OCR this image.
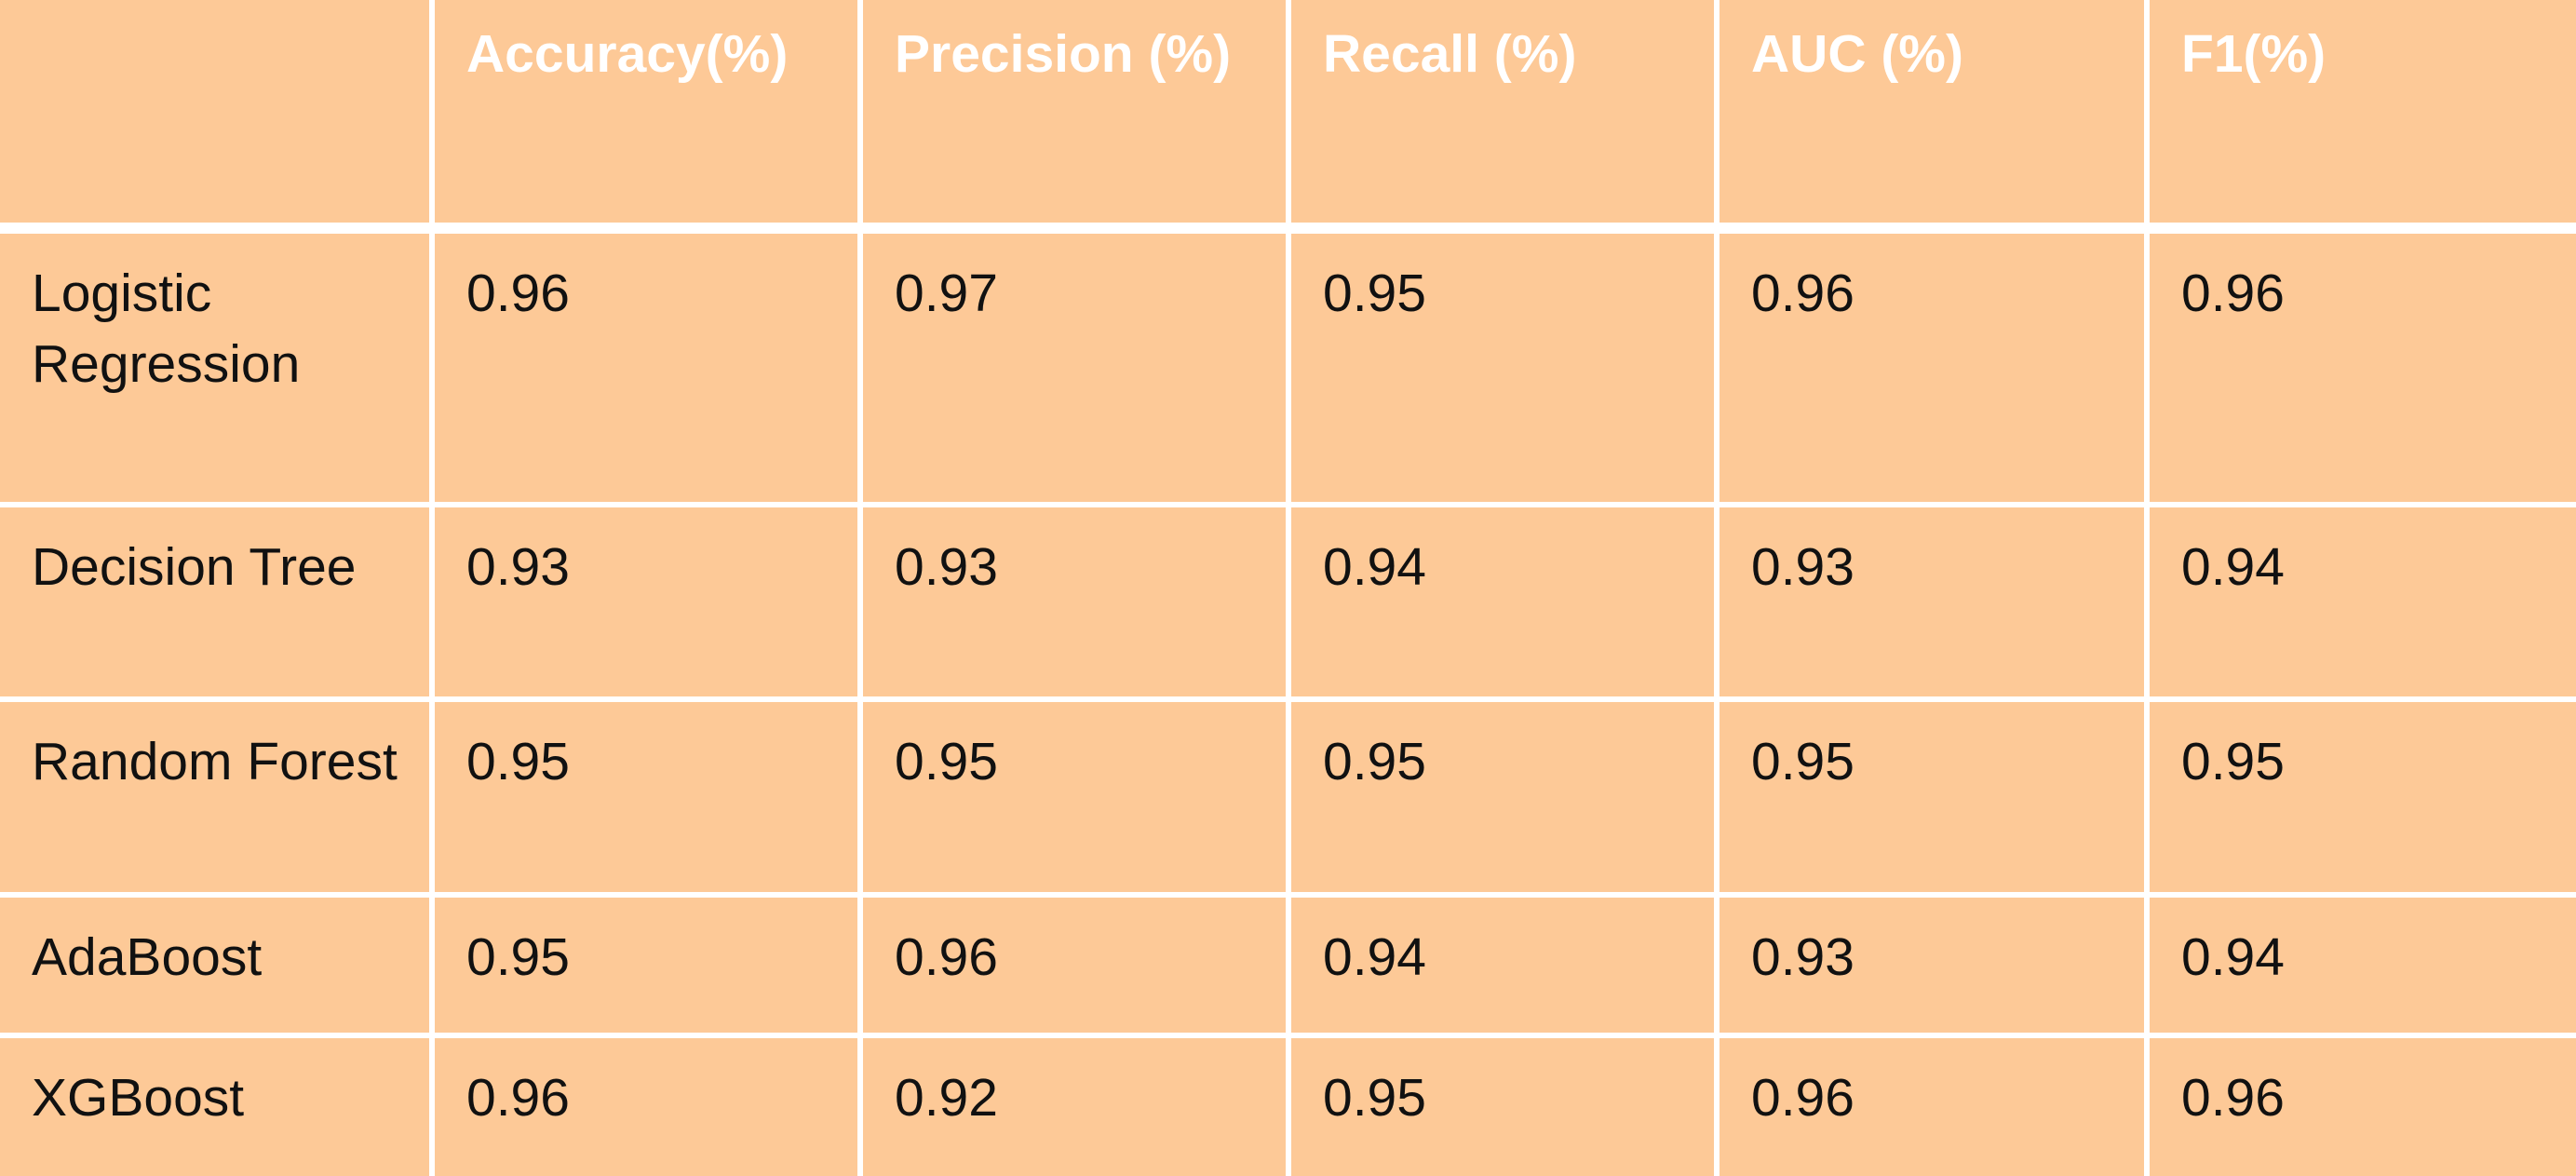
	Accuracy(%)	Precision (%)	Recall (%)	AUC (%)	F1(%)
Logistic Regression	0.96	0.97	0.95	0.96	0.96
Decision Tree	0.93	0.93	0.94	0.93	0.94
Random Forest	0.95	0.95	0.95	0.95	0.95
AdaBoost	0.95	0.96	0.94	0.93	0.94
XGBoost	0.96	0.92	0.95	0.96	0.96
